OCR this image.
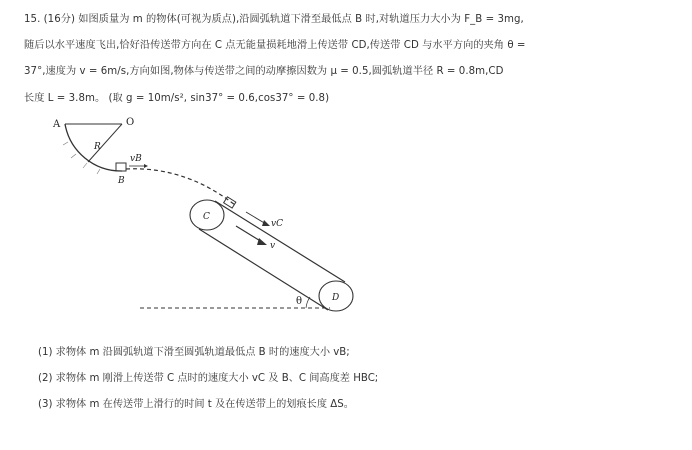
15. (16分) 如图质量为 m 的物体(可视为质点),沿圆弧轨道下滑至最低点 B 时,对轨道压力大小为 F_B = 3mg,
随后以水平速度飞出,恰好沿传送带方向在 C 点无能量损耗地滑上传送带 CD,传送带 CD 与水平方向的夹角 θ =
37°,速度为 v = 6m/s,方向如图,物体与传送带之间的动摩擦因数为 μ = 0.5,圆弧轨道半径 R = 0.8m,CD
长度 L = 3.8m。 (取 g = 10m/s², sin37° = 0.6,cos37° = 0.8)
A	O
R
B
vB
C
D
vC
v
θ
(1) 求物体 m 沿圆弧轨道下滑至圆弧轨道最低点 B 时的速度大小 vB;
(2) 求物体 m 刚滑上传送带 C 点时的速度大小 vC 及 B、C 间高度差 HBC;
(3) 求物体 m 在传送带上滑行的时间 t 及在传送带上的划痕长度 ΔS。
